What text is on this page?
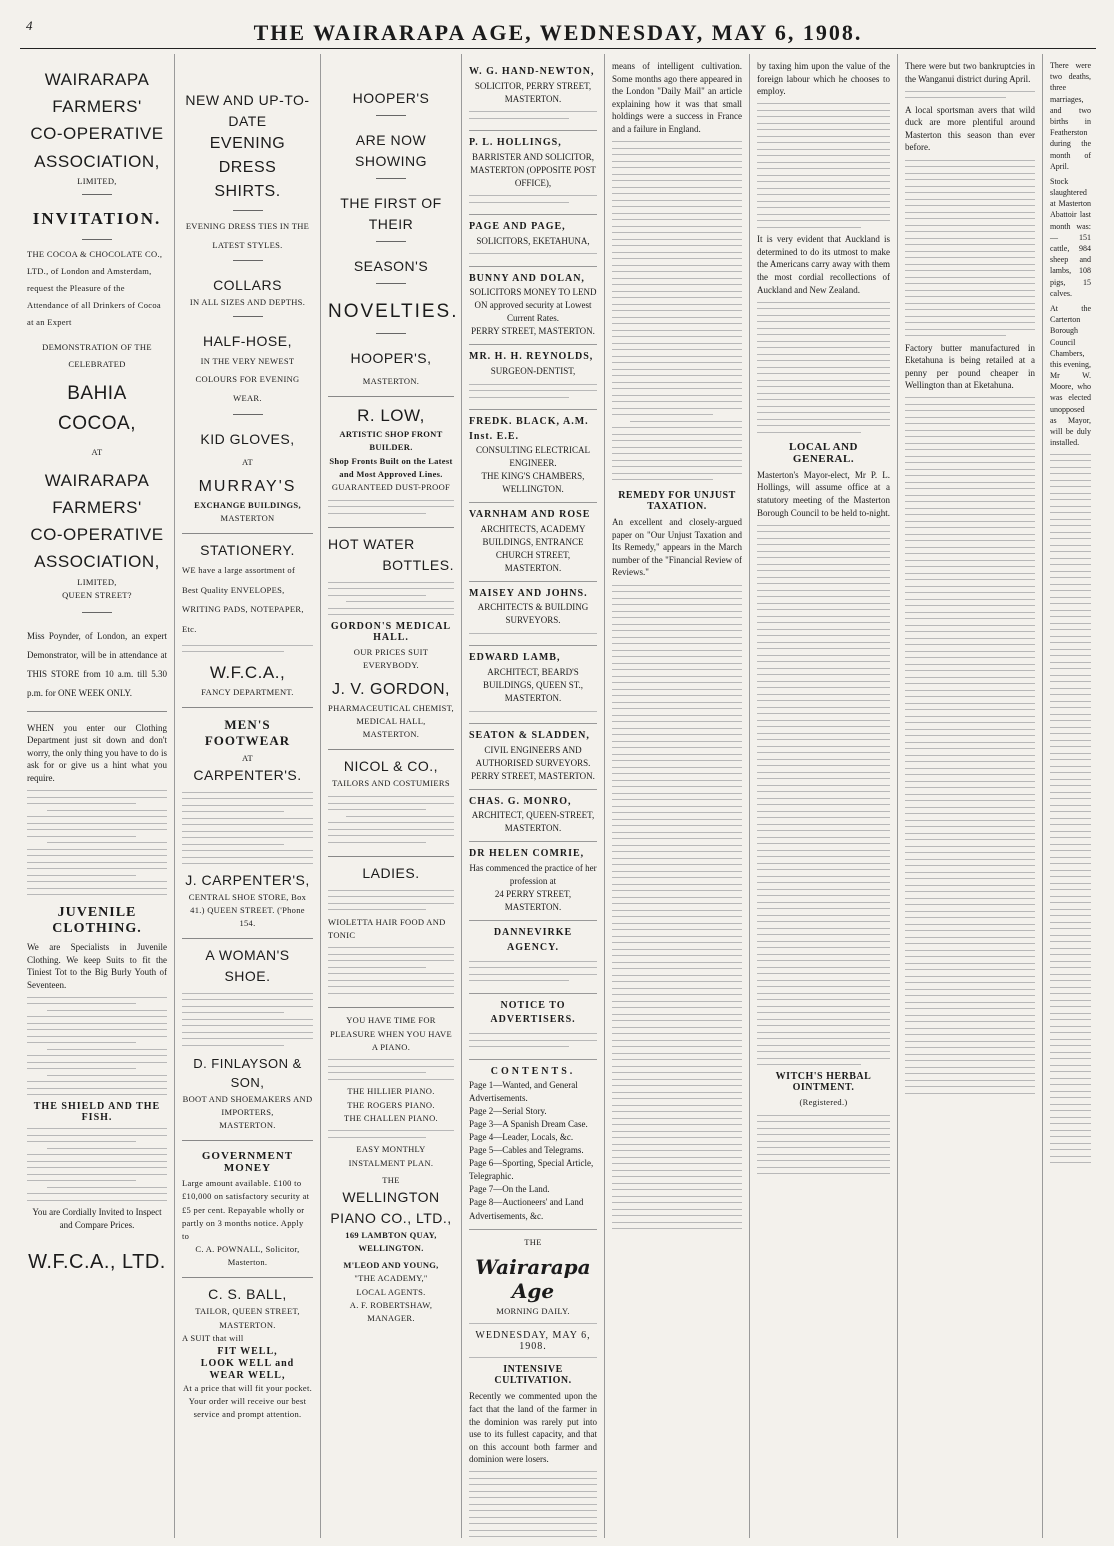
4	THE WAIRARAPA AGE, WEDNESDAY, MAY 6, 1908.
WAIRARAPA
FARMERS'
CO-OPERATIVE
ASSOCIATION,
LIMITED,
INVITATION.
THE COCOA & CHOCOLATE CO., LTD., of London and Amsterdam, request the Pleasure of the Attendance of all Drinkers of Cocoa at an Expert
DEMONSTRATION OF THE CELEBRATED
BAHIA COCOA,
AT
WAIRARAPA
FARMERS'
CO-OPERATIVE
ASSOCIATION,
LIMITED,
QUEEN STREET?
Miss Poynder, of London, an expert Demonstrator, will be in attendance at THIS STORE from 10 a.m. till 5.30 p.m. for ONE WEEK ONLY.
WHEN you enter our Clothing Department just sit down and don't worry, the only thing you have to do is ask for or give us a hint what you require.
JUVENILE CLOTHING.
We are Specialists in Juvenile Clothing. We keep Suits to fit the Tiniest Tot to the Big Burly Youth of Seventeen.
THE SHIELD AND THE FISH.
You are Cordially Invited to Inspect and Compare Prices.
W.F.C.A., LTD.
NEW AND UP-TO-
DATE
EVENING DRESS
SHIRTS.
EVENING DRESS TIES IN THE LATEST STYLES.
COLLARS
IN ALL SIZES AND DEPTHS.
HALF-HOSE,
IN THE VERY NEWEST COLOURS FOR EVENING WEAR.
KID GLOVES,
AT
MURRAY'S
EXCHANGE BUILDINGS,
MASTERTON
STATIONERY.
WE have a large assortment of Best Quality ENVELOPES, WRITING PADS, NOTEPAPER, Etc.
W.F.C.A.,
FANCY DEPARTMENT.
MEN'S FOOTWEAR
AT
CARPENTER'S.
J. CARPENTER'S,
CENTRAL SHOE STORE, Box 41.) QUEEN STREET. ('Phone 154.
A WOMAN'S SHOE.
D. FINLAYSON & SON,
BOOT AND SHOEMAKERS AND IMPORTERS,
MASTERTON.
GOVERNMENT MONEY
Large amount available. £100 to £10,000 on satisfactory security at £5 per cent. Repayable wholly or partly on 3 months notice. Apply to
C. A. POWNALL, Solicitor, Masterton.
C. S. BALL,
TAILOR, QUEEN STREET, MASTERTON.
A SUIT that will
FIT WELL,
LOOK WELL and
WEAR WELL,
At a price that will fit your pocket.
Your order will receive our best service and prompt attention.
HOOPER'S
ARE NOW SHOWING
THE FIRST OF THEIR
SEASON'S
NOVELTIES.
HOOPER'S,
MASTERTON.
R. LOW,
ARTISTIC SHOP FRONT BUILDER.
Shop Fronts Built on the Latest and Most Approved Lines.
GUARANTEED DUST-PROOF
HOT WATER
BOTTLES.
GORDON'S MEDICAL HALL.
OUR PRICES SUIT EVERYBODY.
J. V. GORDON,
PHARMACEUTICAL CHEMIST,
MEDICAL HALL, MASTERTON.
NICOL & CO.,
TAILORS AND COSTUMIERS
LADIES.
WIOLETTA HAIR FOOD AND TONIC
YOU HAVE TIME FOR PLEASURE WHEN YOU HAVE A PIANO.
THE HILLIER PIANO.
THE ROGERS PIANO.
THE CHALLEN PIANO.
EASY MONTHLY INSTALMENT PLAN.
THE
WELLINGTON PIANO CO., LTD.,
169 LAMBTON QUAY, WELLINGTON.
M'LEOD AND YOUNG,
"THE ACADEMY,"
LOCAL AGENTS.
A. F. ROBERTSHAW, MANAGER.
W. G. HAND-NEWTON,
SOLICITOR, PERRY STREET, MASTERTON.
P. L. HOLLINGS,
BARRISTER AND SOLICITOR, MASTERTON (OPPOSITE POST OFFICE),
PAGE AND PAGE,
SOLICITORS, EKETAHUNA,
BUNNY AND DOLAN,
SOLICITORS MONEY TO LEND ON approved security at Lowest Current Rates.
PERRY STREET, MASTERTON.
MR. H. H. REYNOLDS,
SURGEON-DENTIST,
FREDK. BLACK, A.M. Inst. E.E.
CONSULTING ELECTRICAL ENGINEER.
THE KING'S CHAMBERS, WELLINGTON.
VARNHAM AND ROSE
ARCHITECTS, ACADEMY BUILDINGS, ENTRANCE CHURCH STREET, MASTERTON.
MAISEY AND JOHNS.
ARCHITECTS & BUILDING SURVEYORS.
EDWARD LAMB,
ARCHITECT, BEARD'S BUILDINGS, QUEEN ST., MASTERTON.
SEATON & SLADDEN,
CIVIL ENGINEERS AND AUTHORISED SURVEYORS.
PERRY STREET, MASTERTON.
CHAS. G. MONRO,
ARCHITECT, QUEEN-STREET, MASTERTON.
DR HELEN COMRIE,
Has commenced the practice of her profession at
24 PERRY STREET, MASTERTON.
DANNEVIRKE AGENCY.
NOTICE TO ADVERTISERS.
CONTENTS.
Page 1—Wanted, and General Advertisements.
Page 2—Serial Story.
Page 3—A Spanish Dream Case.
Page 4—Leader, Locals, &c.
Page 5—Cables and Telegrams.
Page 6—Sporting, Special Article, Telegraphic.
Page 7—On the Land.
Page 8—Auctioneers' and Land Advertisements, &c.
THE
Wairarapa Age
MORNING DAILY.
WEDNESDAY, MAY 6, 1908.
INTENSIVE CULTIVATION.
Recently we commented upon the fact that the land of the farmer in the dominion was rarely put into use to its fullest capacity, and that on this account both farmer and dominion were losers.
means of intelligent cultivation. Some months ago there appeared in the London "Daily Mail" an article explaining how it was that small holdings were a success in France and a failure in England.
REMEDY FOR UNJUST TAXATION.
An excellent and closely-argued paper on "Our Unjust Taxation and Its Remedy," appears in the March number of the "Financial Review of Reviews."
by taxing him upon the value of the foreign labour which he chooses to employ.
It is very evident that Auckland is determined to do its utmost to make the Americans carry away with them the most cordial recollections of Auckland and New Zealand.
LOCAL AND GENERAL.
Masterton's Mayor-elect, Mr P. L. Hollings, will assume office at a statutory meeting of the Masterton Borough Council to be held to-night.
WITCH'S HERBAL OINTMENT.
(Registered.)
There were but two bankruptcies in the Wanganui district during April.
A local sportsman avers that wild duck are more plentiful around Masterton this season than ever before.
Factory butter manufactured in Eketahuna is being retailed at a penny per pound cheaper in Wellington than at Eketahuna.
There were two deaths, three marriages, and two births in Featherston during the month of April.
Stock slaughtered at Masterton Abattoir last month was:— 151 cattle, 984 sheep and lambs, 108 pigs, 15 calves.
At the Carterton Borough Council Chambers, this evening, Mr W. Moore, who was elected unopposed as Mayor, will be duly installed.
